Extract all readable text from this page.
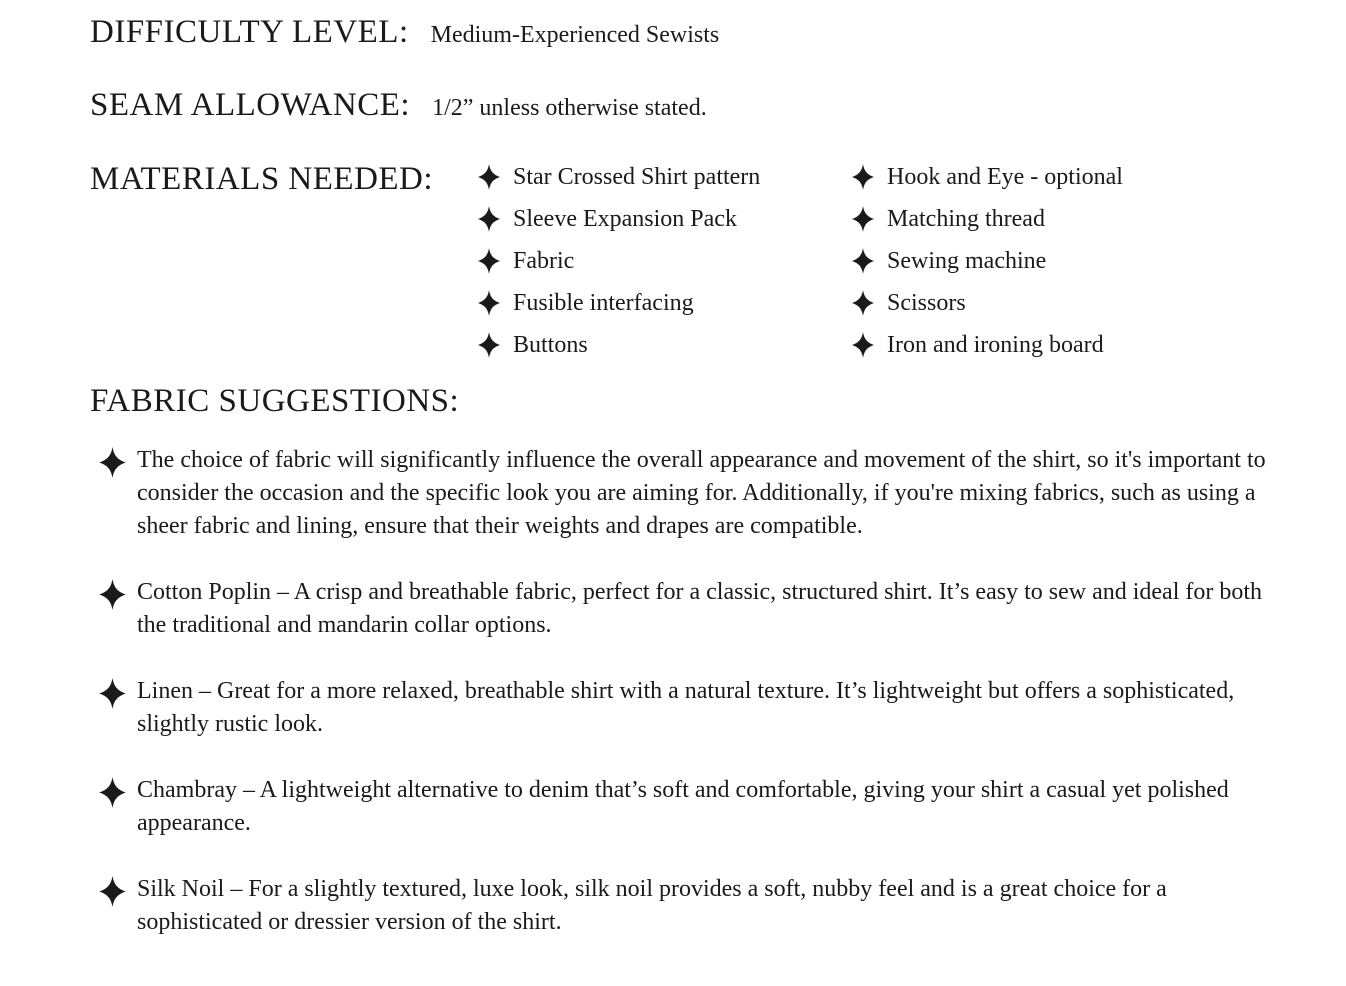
DIFFICULTY LEVEL: Medium-Experienced Sewists
SEAM ALLOWANCE: 1/2” unless otherwise stated.
MATERIALS NEEDED:	Star Crossed Shirt pattern
Sleeve Expansion Pack
Fabric
Fusible interfacing
Buttons
Hook and Eye - optional
Matching thread
Sewing machine
Scissors
Iron and ironing board
FABRIC SUGGESTIONS:

The choice of fabric will significantly influence the overall appearance and movement of the shirt, so it's important to consider the occasion and the specific look you are aiming for. Additionally, if you're mixing fabrics, such as using a sheer fabric and lining, ensure that their weights and drapes are compatible.

Cotton Poplin – A crisp and breathable fabric, perfect for a classic, structured shirt. It’s easy to sew and ideal for both the traditional and mandarin collar options.

Linen – Great for a more relaxed, breathable shirt with a natural texture. It’s lightweight but offers a sophisticated, slightly rustic look.

Chambray – A lightweight alternative to denim that’s soft and comfortable, giving your shirt a casual yet polished appearance.

Silk Noil – For a slightly textured, luxe look, silk noil provides a soft, nubby feel and is a great choice for a sophisticated or dressier version of the shirt.
